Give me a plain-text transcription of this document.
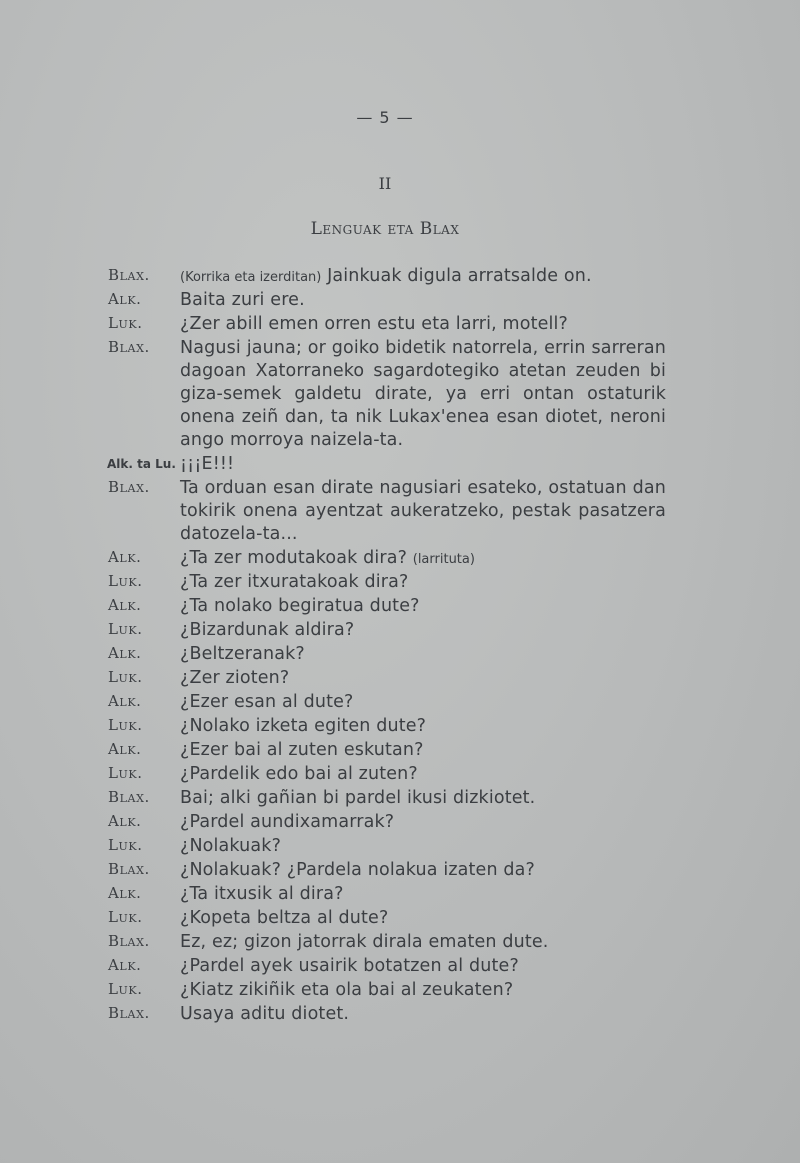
— 5 —
II
Lenguak eta Blax
Blax. (Korrika eta izerditan) Jainkuak digula arratsalde on.
Alk. Baita zuri ere.
Luk. ¿Zer abill emen orren estu eta larri, motell?
Blax. Nagusi jauna; or goiko bidetik natorrela, errin sarreran dagoan Xatorraneko sagardotegiko atetan zeuden bi giza-semek galdetu dirate, ya erri ontan ostaturik onena zeiñ dan, ta nik Lukax'enea esan diotet, neroni ango morroya naizela-ta.
Alk. ta Lu. ¡¡¡E!!!
Blax. Ta orduan esan dirate nagusiari esateko, ostatuan dan tokirik onena ayentzat aukeratzeko, pestak pasatzera datozela-ta...
Alk. ¿Ta zer modutakoak dira? (larrituta)
Luk. ¿Ta zer itxuratakoak dira?
Alk. ¿Ta nolako begiratua dute?
Luk. ¿Bizardunak aldira?
Alk. ¿Beltzeranak?
Luk. ¿Zer zioten?
Alk. ¿Ezer esan al dute?
Luk. ¿Nolako izketa egiten dute?
Alk. ¿Ezer bai al zuten eskutan?
Luk. ¿Pardelik edo bai al zuten?
Blax. Bai; alki gañian bi pardel ikusi dizkiotet.
Alk. ¿Pardel aundixamarrak?
Luk. ¿Nolakuak?
Blax. ¿Nolakuak? ¿Pardela nolakua izaten da?
Alk. ¿Ta itxusik al dira?
Luk. ¿Kopeta beltza al dute?
Blax. Ez, ez; gizon jatorrak dirala ematen dute.
Alk. ¿Pardel ayek usairik botatzen al dute?
Luk. ¿Kiatz zikiñik eta ola bai al zeukaten?
Blax. Usaya aditu diotet.
